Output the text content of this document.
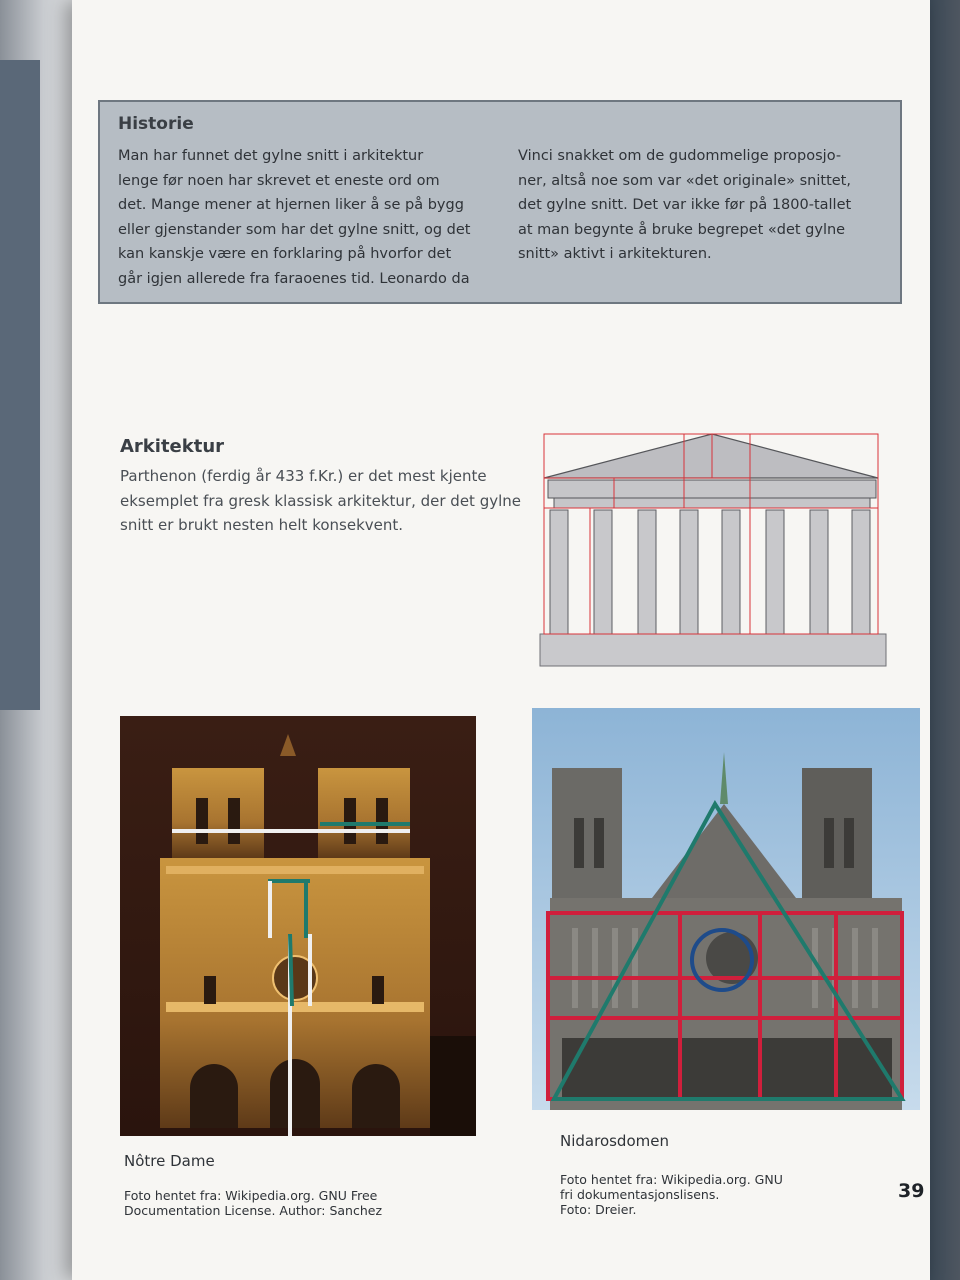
Historie
Man har funnet det gylne snitt i arkitektur
lenge før noen har skrevet et eneste ord om
det. Mange mener at hjernen liker å se på bygg
eller gjenstander som har det gylne snitt, og det
kan kanskje være en forklaring på hvorfor det
går igjen allerede fra faraoenes tid. Leonardo da
Vinci snakket om de gudommelige proposjo-
ner, altså noe som var «det originale» snittet,
det gylne snitt. Det var ikke før på 1800-tallet
at man begynte å bruke begrepet «det gylne
snitt» aktivt i arkitekturen.
Arkitektur
Parthenon (ferdig år 433 f.Kr.) er det mest kjente
eksemplet fra gresk klassisk arkitektur, der det gylne
snitt er brukt nesten helt konsekvent.
Nôtre Dame
Foto hentet fra: Wikipedia.org. GNU Free
Documentation License. Author: Sanchez
Nidarosdomen
Foto hentet fra: Wikipedia.org. GNU
fri dokumentasjonslisens.
Foto: Dreier.
39
